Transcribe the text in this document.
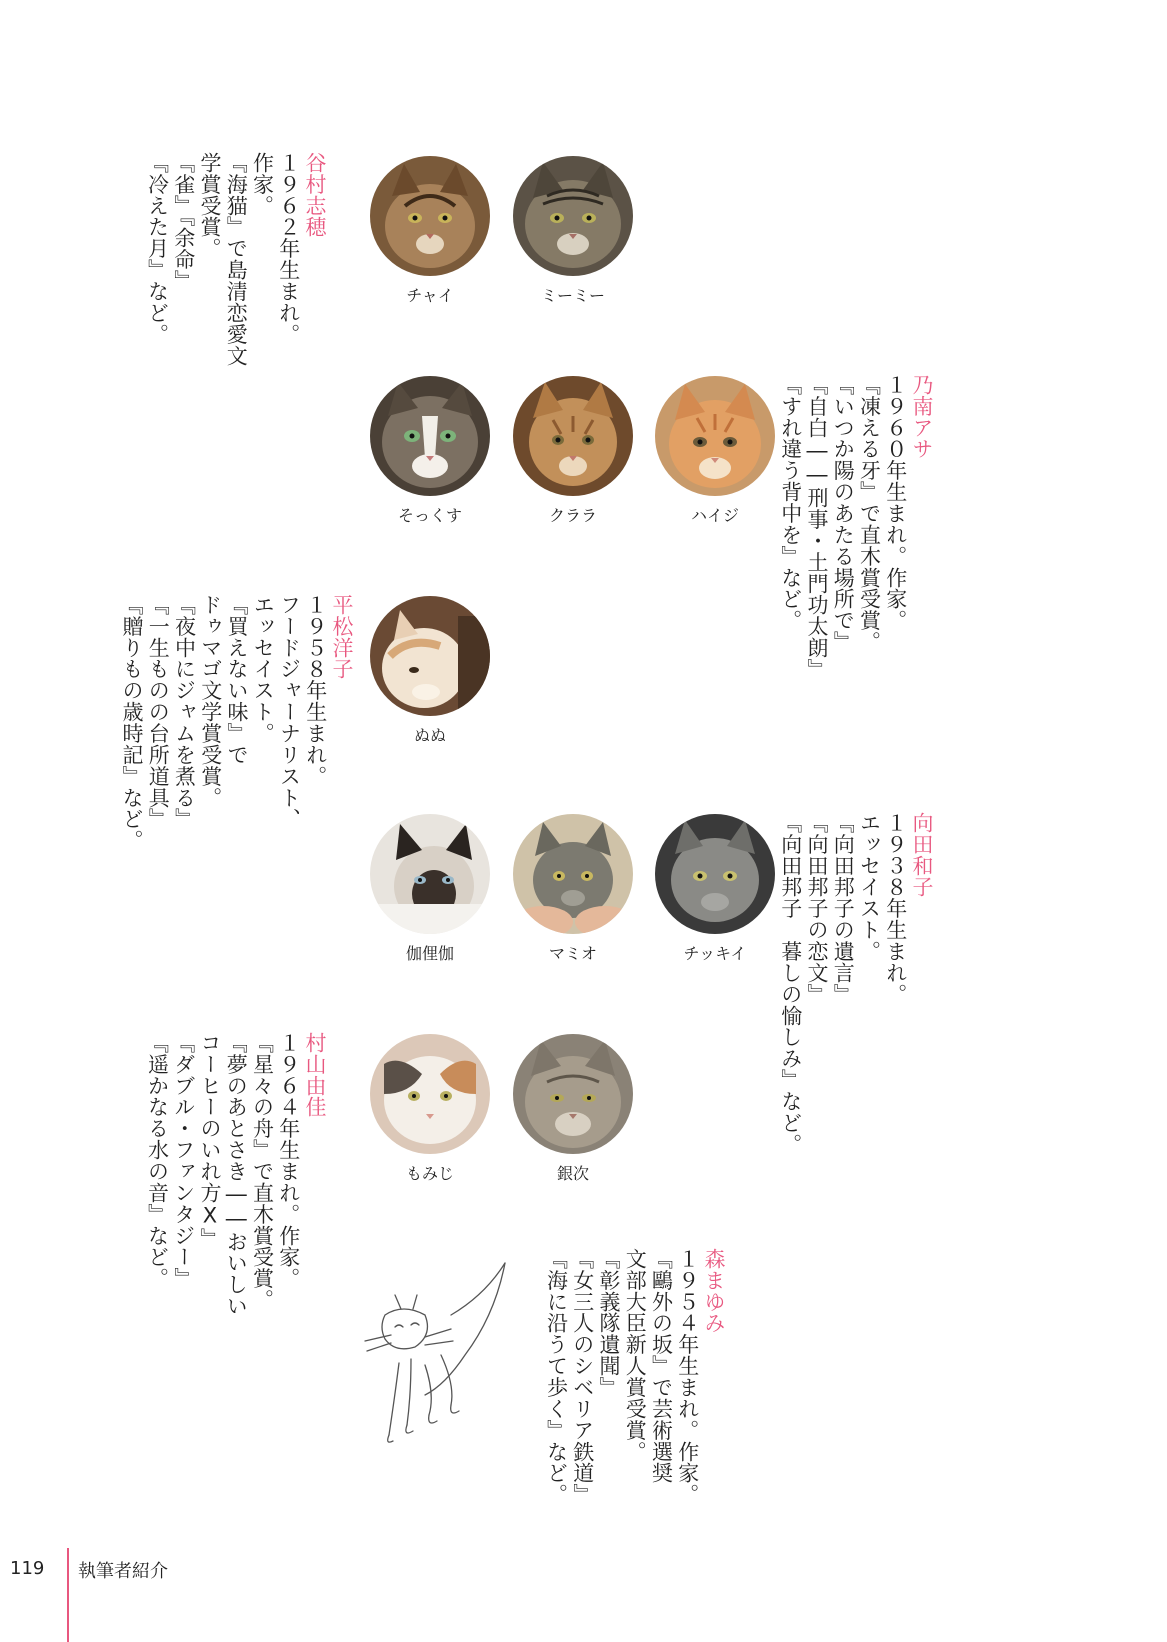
谷村志穂
１９６２年生まれ。
作家。
『海猫』で島清恋愛文
学賞受賞。
『雀』『余命』
『冷えた月』など。
乃南アサ
１９６０年生まれ。作家。
『凍える牙』で直木賞受賞。
『いつか陽のあたる場所で』
『自白――刑事・土門功太朗』
『すれ違う背中を』など。
平松洋子
１９５８年生まれ。
フードジャーナリスト、
エッセイスト。
『買えない味』で
ドゥマゴ文学賞受賞。
『夜中にジャムを煮る』
『一生ものの台所道具』
『贈りもの歳時記』など。
向田和子
１９３８年生まれ。
エッセイスト。
『向田邦子の遺言』
『向田邦子の恋文』
『向田邦子　暮しの愉しみ』など。
村山由佳
１９６４年生まれ。作家。
『星々の舟』で直木賞受賞。
『夢のあとさき――おいしい
コーヒーのいれ方Ⅹ』
『ダブル・ファンタジー』
『遥かなる水の音』など。
森まゆみ
１９５４年生まれ。作家。
『鷗外の坂』で芸術選奨
文部大臣新人賞受賞。
『彰義隊遺聞』
『女三人のシベリア鉄道』
『海に沿うて歩く』など。
チャイ	ミーミー
そっくす	クララ	ハイジ
ぬぬ
伽俚伽	マミオ	チッキイ
もみじ	銀次
119 執筆者紹介
